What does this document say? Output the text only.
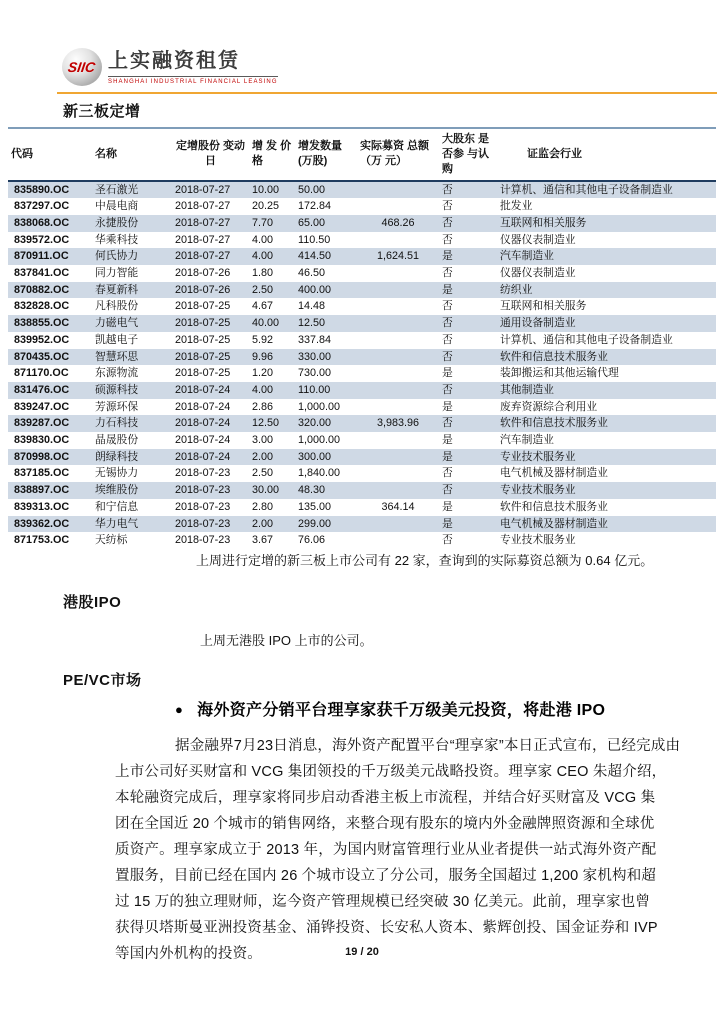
SIIC 上实融资租赁
SHANGHAI INDUSTRIAL FINANCIAL LEASING
新三板定增
代码	名称	定增股份 变动日	增 发 价格	增发数量 (万股)	实际募资 总额（万 元）	大股东 是否参 与认购	证监会行业
835890.OC	圣石激光	2018-07-27	10.00	50.00		否	计算机、通信和其他电子设备制造业
837297.OC	中晨电商	2018-07-27	20.25	172.84		否	批发业
838068.OC	永捷股份	2018-07-27	7.70	65.00	468.26	否	互联网和相关服务
839572.OC	华乘科技	2018-07-27	4.00	110.50		否	仪器仪表制造业
870911.OC	何氏协力	2018-07-27	4.00	414.50	1,624.51	是	汽车制造业
837841.OC	同力智能	2018-07-26	1.80	46.50		否	仪器仪表制造业
870882.OC	春夏新科	2018-07-26	2.50	400.00		是	纺织业
832828.OC	凡科股份	2018-07-25	4.67	14.48		否	互联网和相关服务
838855.OC	力磁电气	2018-07-25	40.00	12.50		否	通用设备制造业
839952.OC	凯越电子	2018-07-25	5.92	337.84		否	计算机、通信和其他电子设备制造业
870435.OC	智慧环思	2018-07-25	9.96	330.00		否	软件和信息技术服务业
871170.OC	东源物流	2018-07-25	1.20	730.00		是	装卸搬运和其他运输代理
831476.OC	硕源科技	2018-07-24	4.00	110.00		否	其他制造业
839247.OC	芳源环保	2018-07-24	2.86	1,000.00		是	废弃资源综合利用业
839287.OC	力石科技	2018-07-24	12.50	320.00	3,983.96	否	软件和信息技术服务业
839830.OC	晶晟股份	2018-07-24	3.00	1,000.00		是	汽车制造业
870998.OC	朗绿科技	2018-07-24	2.00	300.00		是	专业技术服务业
837185.OC	无锡协力	2018-07-23	2.50	1,840.00		否	电气机械及器材制造业
838897.OC	埃维股份	2018-07-23	30.00	48.30		否	专业技术服务业
839313.OC	和宁信息	2018-07-23	2.80	135.00	364.14	是	软件和信息技术服务业
839362.OC	华力电气	2018-07-23	2.00	299.00		是	电气机械及器材制造业
871753.OC	天纺标	2018-07-23	3.67	76.06		否	专业技术服务业
上周进行定增的新三板上市公司有 22 家，查询到的实际募资总额为 0.64 亿元。
港股IPO
上周无港股 IPO 上市的公司。
PE/VC市场
● 海外资产分销平台理享家获千万级美元投资，将赴港 IPO
据金融界7月23日消息，海外资产配置平台“理享家”本日正式宣布，已经完成由
上市公司好买财富和 VCG 集团领投的千万级美元战略投资。理享家 CEO 朱超介绍，
本轮融资完成后，理享家将同步启动香港主板上市流程，并结合好买财富及 VCG 集
团在全国近 20 个城市的销售网络，来整合现有股东的境内外金融牌照资源和全球优
质资产。理享家成立于 2013 年，为国内财富管理行业从业者提供一站式海外资产配
置服务，目前已经在国内 26 个城市设立了分公司，服务全国超过 1,200 家机构和超
过 15 万的独立理财师，迄今资产管理规模已经突破 30 亿美元。此前，理享家也曾
获得贝塔斯曼亚洲投资基金、涌铧投资、长安私人资本、紫辉创投、国金证券和 IVP
等国内外机构的投资。	19 / 20
